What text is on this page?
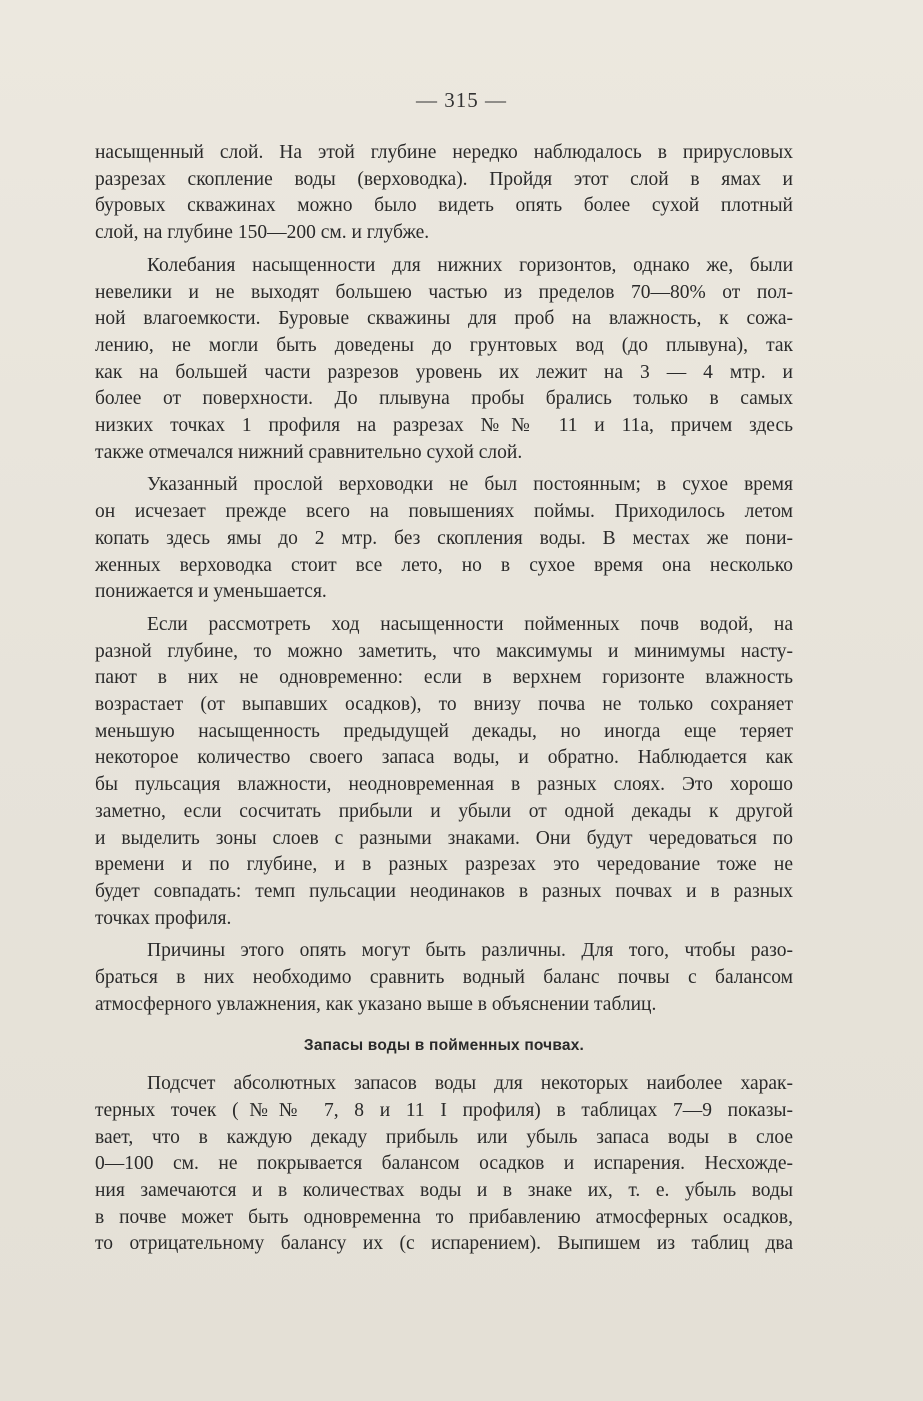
— 315 —

насыщенный слой. На этой глубине нередко наблюдалось в прирусловых
разрезах скопление воды (верховодка). Пройдя этот слой в ямах и
буровых скважинах можно было видеть опять более сухой плотный
слой, на глубине 150—200 см. и глубже.

Колебания насыщенности для нижних горизонтов, однако же, были
невелики и не выходят большею частью из пределов 70—80% от пол-
ной влагоемкости. Буровые скважины для проб на влажность, к сожа-
лению, не могли быть доведены до грунтовых вод (до плывуна), так
как на большей части разрезов уровень их лежит на 3 — 4 мтр. и
более от поверхности. До плывуна пробы брались только в самых
низких точках 1 профиля на разрезах №№ 11 и 11а, причем здесь
также отмечался нижний сравнительно сухой слой.

Указанный прослой верховодки не был постоянным; в сухое время
он исчезает прежде всего на повышениях поймы. Приходилось летом
копать здесь ямы до 2 мтр. без скопления воды. В местах же пони-
женных верховодка стоит все лето, но в сухое время она несколько
понижается и уменьшается.

Если рассмотреть ход насыщенности пойменных почв водой, на
разной глубине, то можно заметить, что максимумы и минимумы насту-
пают в них не одновременно: если в верхнем горизонте влажность
возрастает (от выпавших осадков), то внизу почва не только сохраняет
меньшую насыщенность предыдущей декады, но иногда еще теряет
некоторое количество своего запаса воды, и обратно. Наблюдается как
бы пульсация влажности, неодновременная в разных слоях. Это хорошо
заметно, если сосчитать прибыли и убыли от одной декады к другой
и выделить зоны слоев с разными знаками. Они будут чередоваться по
времени и по глубине, и в разных разрезах это чередование тоже не
будет совпадать: темп пульсации неодинаков в разных почвах и в разных
точках профиля.

Причины этого опять могут быть различны. Для того, чтобы разо-
браться в них необходимо сравнить водный баланс почвы с балансом
атмосферного увлажнения, как указано выше в объяснении таблиц.

Запасы воды в пойменных почвах.

Подсчет абсолютных запасов воды для некоторых наиболее харак-
терных точек (№№ 7, 8 и 11 I профиля) в таблицах 7—9 показы-
вает, что в каждую декаду прибыль или убыль запаса воды в слое
0—100 см. не покрывается балансом осадков и испарения. Несхожде-
ния замечаются и в количествах воды и в знаке их, т. е. убыль воды
в почве может быть одновременна то прибавлению атмосферных осадков,
то отрицательному балансу их (с испарением). Выпишем из таблиц два
